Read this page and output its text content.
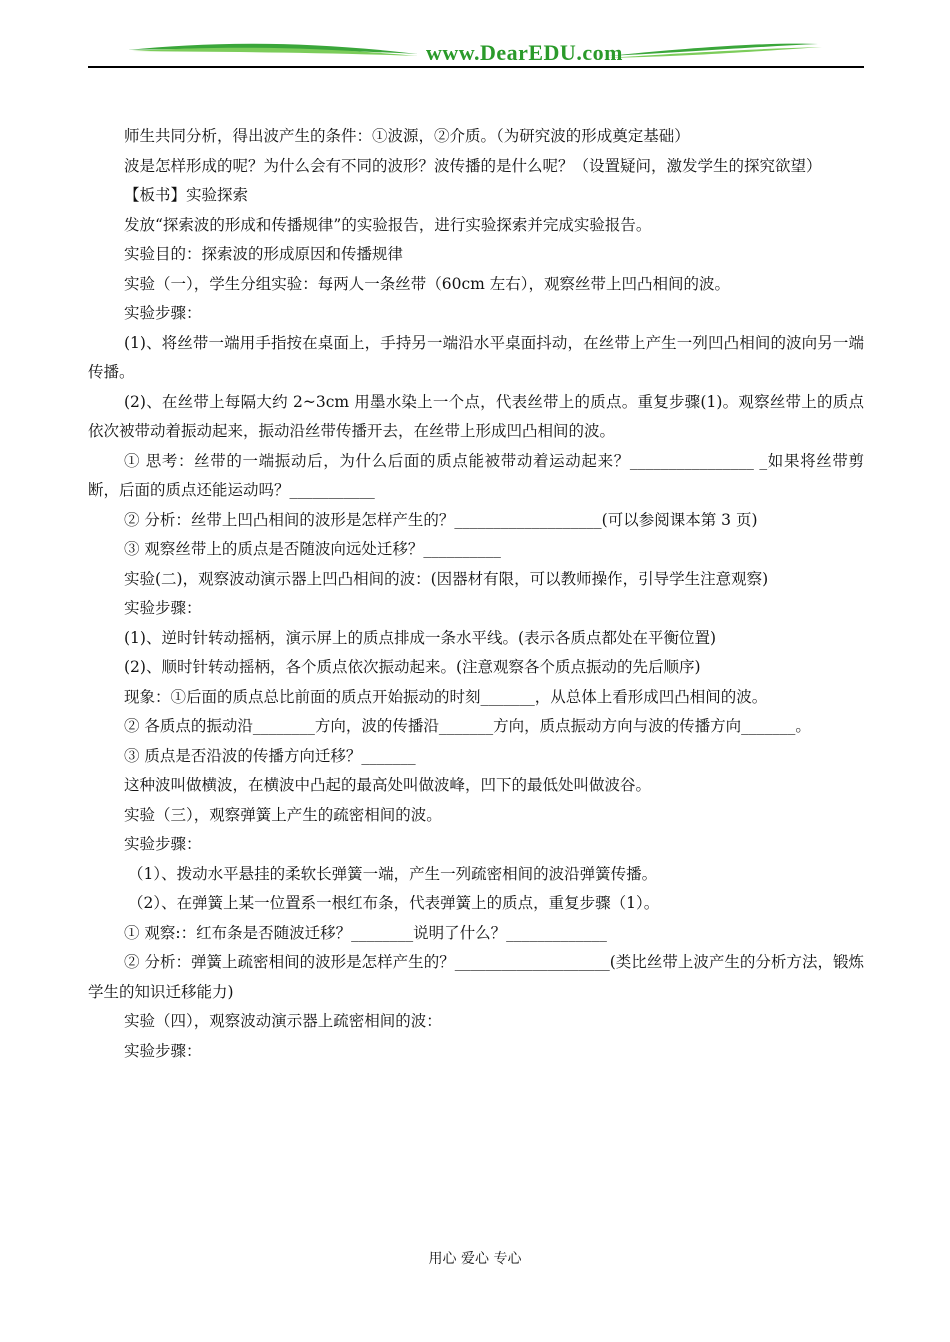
www.DearEDU.com

师生共同分析，得出波产生的条件：①波源，②介质。（为研究波的形成奠定基础）

波是怎样形成的呢？为什么会有不同的波形？波传播的是什么呢？（设置疑问，激发学生的探究欲望）

【板书】实验探索

发放“探索波的形成和传播规律”的实验报告，进行实验探索并完成实验报告。

实验目的：探索波的形成原因和传播规律

实验（一），学生分组实验：每两人一条丝带（60cm 左右），观察丝带上凹凸相间的波。

实验步骤：

(1)、将丝带一端用手指按在桌面上，手持另一端沿水平桌面抖动，在丝带上产生一列凹凸相间的波向另一端传播。

(2)、在丝带上每隔大约 2~3cm 用墨水染上一个点，代表丝带上的质点。重复步骤(1)。观察丝带上的质点依次被带动着振动起来，振动沿丝带传播开去，在丝带上形成凹凸相间的波。

① 思考：丝带的一端振动后，为什么后面的质点能被带动着运动起来？________________ _如果将丝带剪断，后面的质点还能运动吗？___________

② 分析：丝带上凹凸相间的波形是怎样产生的？___________________(可以参阅课本第 3 页)

③ 观察丝带上的质点是否随波向远处迁移？__________

实验(二)，观察波动演示器上凹凸相间的波：(因器材有限，可以教师操作，引导学生注意观察)

实验步骤：

(1)、逆时针转动摇柄，演示屏上的质点排成一条水平线。(表示各质点都处在平衡位置)

(2)、顺时针转动摇柄，各个质点依次振动起来。(注意观察各个质点振动的先后顺序)

现象：①后面的质点总比前面的质点开始振动的时刻_______，从总体上看形成凹凸相间的波。

② 各质点的振动沿________方向，波的传播沿_______方向，质点振动方向与波的传播方向_______。

③ 质点是否沿波的传播方向迁移？_______

这种波叫做横波，在横波中凸起的最高处叫做波峰，凹下的最低处叫做波谷。

实验（三），观察弹簧上产生的疏密相间的波。

实验步骤：

（1）、拨动水平悬挂的柔软长弹簧一端，产生一列疏密相间的波沿弹簧传播。

（2）、在弹簧上某一位置系一根红布条，代表弹簧上的质点，重复步骤（1）。

① 观察:：红布条是否随波迁移？________说明了什么？_____________

② 分析：弹簧上疏密相间的波形是怎样产生的？____________________(类比丝带上波产生的分析方法，锻炼学生的知识迁移能力)

实验（四），观察波动演示器上疏密相间的波：

实验步骤：

用心 爱心 专心
